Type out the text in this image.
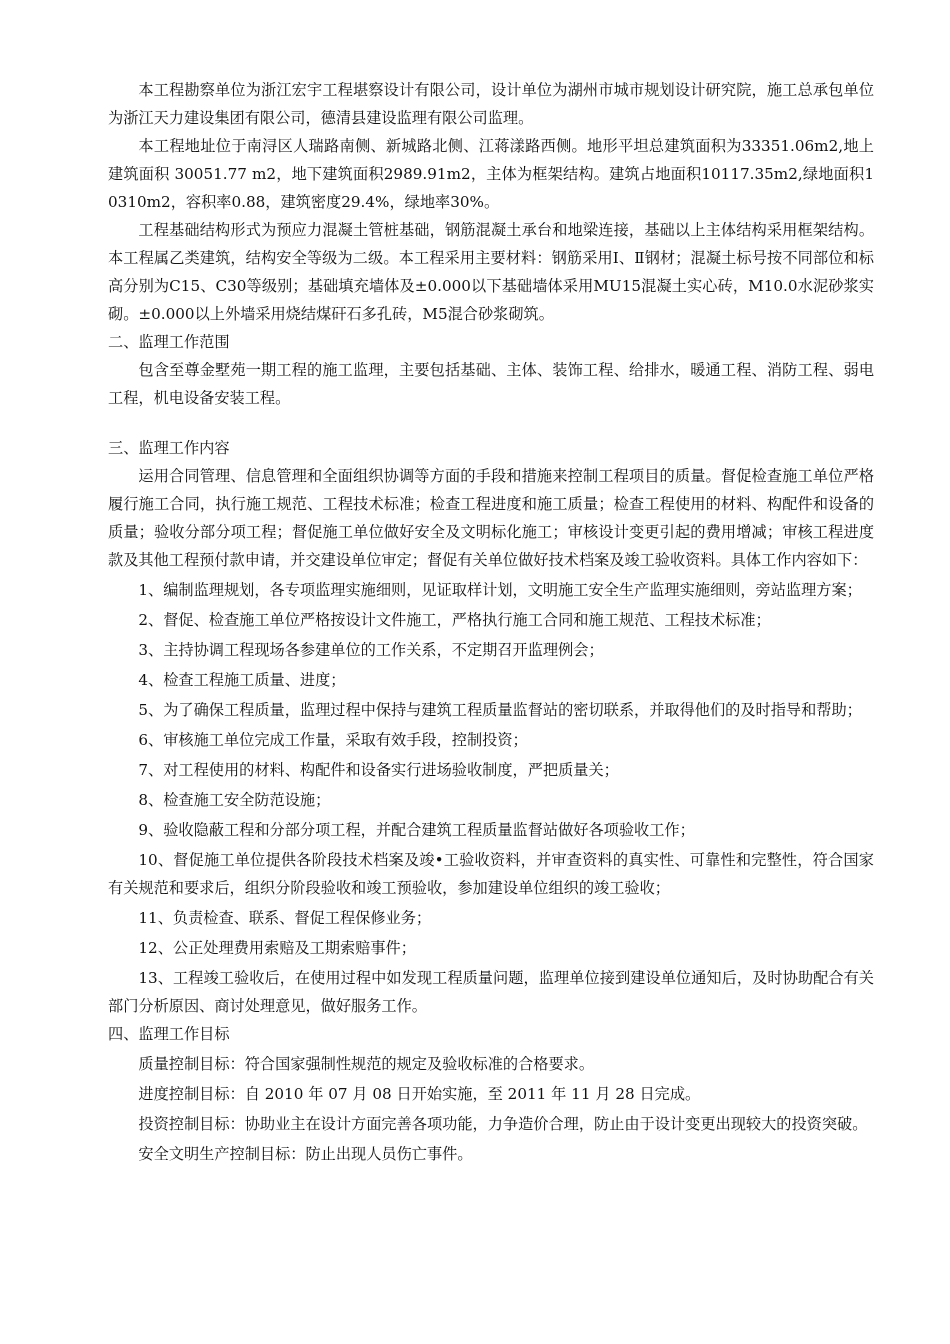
本工程勘察单位为浙江宏宇工程堪察设计有限公司，设计单位为湖州市城市规划设计研究院，施工总承包单位为浙江天力建设集团有限公司，德清县建设监理有限公司监理。

本工程地址位于南浔区人瑞路南侧、新城路北侧、江蒋漾路西侧。地形平坦总建筑面积为33351.06m2,地上建筑面积 30051.77 m2，地下建筑面积2989.91m2，主体为框架结构。建筑占地面积10117.35m2,绿地面积10310m2，容积率0.88，建筑密度29.4%，绿地率30%。

工程基础结构形式为预应力混凝土管桩基础，钢筋混凝土承台和地梁连接，基础以上主体结构采用框架结构。本工程属乙类建筑，结构安全等级为二级。本工程采用主要材料：钢筋采用Ⅰ、Ⅱ钢材；混凝土标号按不同部位和标高分别为C15、C30等级别；基础填充墙体及±0.000以下基础墙体采用MU15混凝土实心砖，M10.0水泥砂浆实砌。±0.000以上外墙采用烧结煤矸石多孔砖，M5混合砂浆砌筑。

二、监理工作范围

包含至尊金墅苑一期工程的施工监理，主要包括基础、主体、装饰工程、给排水，暖通工程、消防工程、弱电工程，机电设备安装工程。

三、监理工作内容

运用合同管理、信息管理和全面组织协调等方面的手段和措施来控制工程项目的质量。督促检查施工单位严格履行施工合同，执行施工规范、工程技术标准；检查工程进度和施工质量；检查工程使用的材料、构配件和设备的质量；验收分部分项工程；督促施工单位做好安全及文明标化施工；审核设计变更引起的费用增减；审核工程进度款及其他工程预付款申请，并交建设单位审定；督促有关单位做好技术档案及竣工验收资料。具体工作内容如下：

1、编制监理规划，各专项监理实施细则，见证取样计划，文明施工安全生产监理实施细则，旁站监理方案；

2、督促、检查施工单位严格按设计文件施工，严格执行施工合同和施工规范、工程技术标准；

3、主持协调工程现场各参建单位的工作关系，不定期召开监理例会；

4、检查工程施工质量、进度；

5、为了确保工程质量，监理过程中保持与建筑工程质量监督站的密切联系，并取得他们的及时指导和帮助；

6、审核施工单位完成工作量，采取有效手段，控制投资；

7、对工程使用的材料、构配件和设备实行进场验收制度，严把质量关；

8、检查施工安全防范设施；

9、验收隐蔽工程和分部分项工程，并配合建筑工程质量监督站做好各项验收工作；

10、督促施工单位提供各阶段技术档案及竣•工验收资料，并审查资料的真实性、可靠性和完整性，符合国家有关规范和要求后，组织分阶段验收和竣工预验收，参加建设单位组织的竣工验收；

11、负责检查、联系、督促工程保修业务；

12、公正处理费用索赔及工期索赔事件；

13、工程竣工验收后，在使用过程中如发现工程质量问题，监理单位接到建设单位通知后，及时协助配合有关部门分析原因、商讨处理意见，做好服务工作。

四、监理工作目标

质量控制目标：符合国家强制性规范的规定及验收标准的合格要求。

进度控制目标：自 2010 年 07 月 08 日开始实施，至 2011 年 11 月 28 日完成。

投资控制目标：协助业主在设计方面完善各项功能，力争造价合理，防止由于设计变更出现较大的投资突破。

安全文明生产控制目标：防止出现人员伤亡事件。
